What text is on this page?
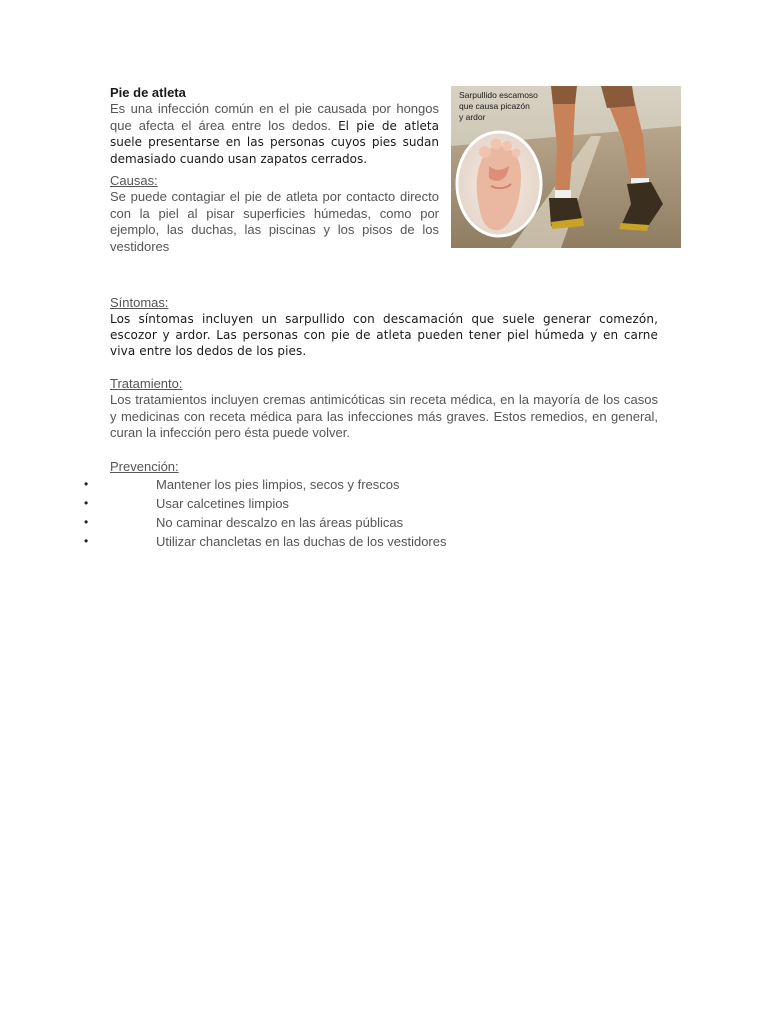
Pie de atleta

Es una infección común en el pie causada por hongos que afecta el área entre los dedos. El pie de atleta suele presentarse en las personas cuyos pies sudan demasiado cuando usan zapatos cerrados.

Causas:

Se puede contagiar el pie de atleta por contacto directo con la piel al pisar superficies húmedas, como por ejemplo, las duchas, las piscinas y los pisos de los vestidores

Sarpullido escamoso
que causa picazón
y ardor

Síntomas:

Los síntomas incluyen un sarpullido con descamación que suele generar comezón, escozor y ardor. Las personas con pie de atleta pueden tener piel húmeda y en carne viva entre los dedos de los pies.

Tratamiento:

Los tratamientos incluyen cremas antimicóticas sin receta médica, en la mayoría de los casos y medicinas con receta médica para las infecciones más graves. Estos remedios, en general, curan la infección pero ésta puede volver.

Prevención:

•	Mantener los pies limpios, secos y frescos
•	Usar calcetines limpios
•	No caminar descalzo en las áreas públicas
•	Utilizar chancletas en las duchas de los vestidores
